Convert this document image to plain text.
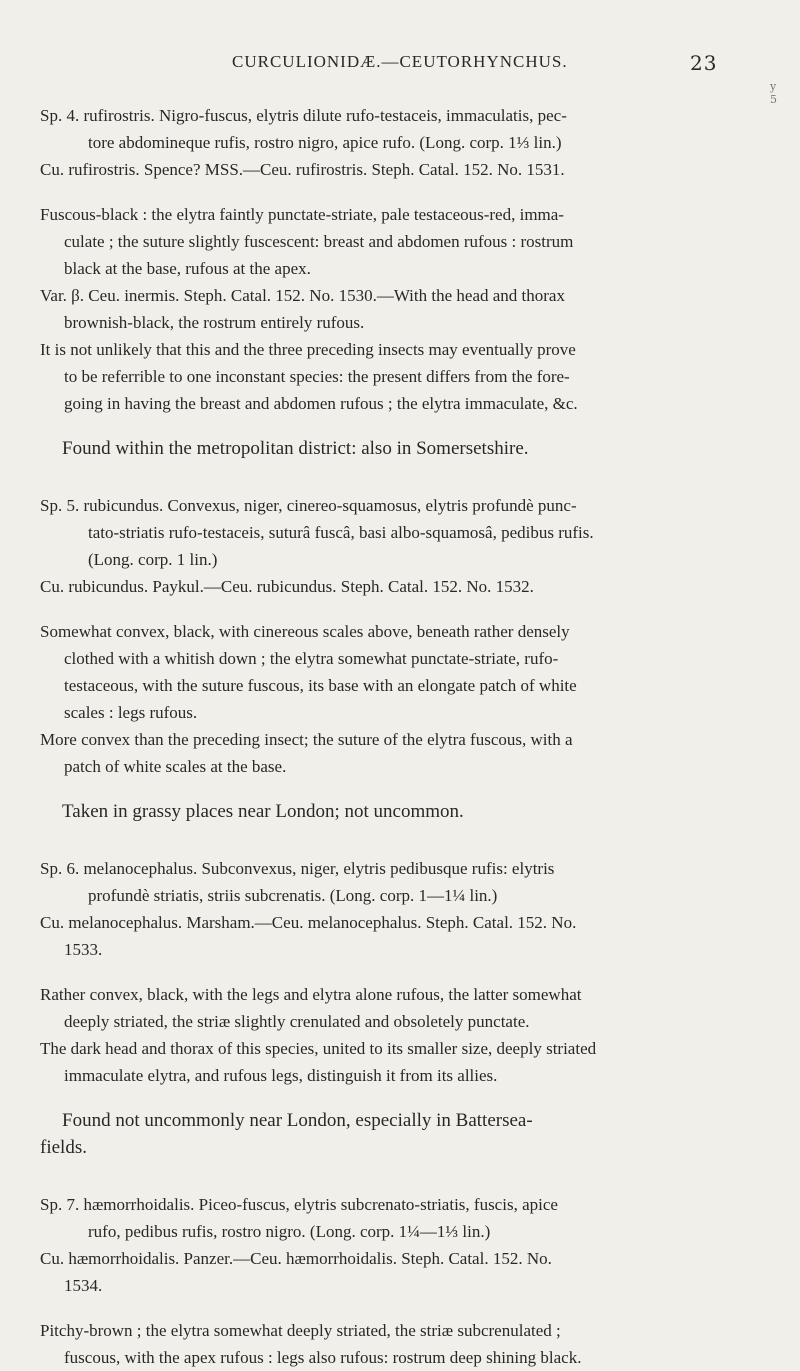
CURCULIONIDÆ.—CEUTORHYNCHUS.	23
y
5

Sp. 4. rufirostris. Nigro-fuscus, elytris dilute rufo-testaceis, immaculatis, pec-

tore abdomineque rufis, rostro nigro, apice rufo. (Long. corp. 1⅓ lin.)

Cu. rufirostris. Spence? MSS.—Ceu. rufirostris. Steph. Catal. 152. No. 1531.

Fuscous-black : the elytra faintly punctate-striate, pale testaceous-red, imma-

culate ; the suture slightly fuscescent: breast and abdomen rufous : rostrum

black at the base, rufous at the apex.

Var. β. Ceu. inermis. Steph. Catal. 152. No. 1530.—With the head and thorax

brownish-black, the rostrum entirely rufous.

It is not unlikely that this and the three preceding insects may eventually prove

to be referrible to one inconstant species: the present differs from the fore-

going in having the breast and abdomen rufous ; the elytra immaculate, &c.

Found within the metropolitan district: also in Somersetshire.

Sp. 5. rubicundus. Convexus, niger, cinereo-squamosus, elytris profundè punc-

tato-striatis rufo-testaceis, suturâ fuscâ, basi albo-squamosâ, pedibus rufis.

(Long. corp. 1 lin.)

Cu. rubicundus. Paykul.—Ceu. rubicundus. Steph. Catal. 152. No. 1532.

Somewhat convex, black, with cinereous scales above, beneath rather densely

clothed with a whitish down ; the elytra somewhat punctate-striate, rufo-

testaceous, with the suture fuscous, its base with an elongate patch of white

scales : legs rufous.

More convex than the preceding insect; the suture of the elytra fuscous, with a

patch of white scales at the base.

Taken in grassy places near London; not uncommon.

Sp. 6. melanocephalus. Subconvexus, niger, elytris pedibusque rufis: elytris

profundè striatis, striis subcrenatis. (Long. corp. 1—1¼ lin.)

Cu. melanocephalus. Marsham.—Ceu. melanocephalus. Steph. Catal. 152. No.

1533.

Rather convex, black, with the legs and elytra alone rufous, the latter somewhat

deeply striated, the striæ slightly crenulated and obsoletely punctate.

The dark head and thorax of this species, united to its smaller size, deeply striated

immaculate elytra, and rufous legs, distinguish it from its allies.

Found not uncommonly near London, especially in Battersea-

fields.

Sp. 7. hæmorrhoidalis. Piceo-fuscus, elytris subcrenato-striatis, fuscis, apice

rufo, pedibus rufis, rostro nigro. (Long. corp. 1¼—1⅓ lin.)

Cu. hæmorrhoidalis. Panzer.—Ceu. hæmorrhoidalis. Steph. Catal. 152. No.

1534.

Pitchy-brown ; the elytra somewhat deeply striated, the striæ subcrenulated ;

fuscous, with the apex rufous : legs also rufous: rostrum deep shining black.
